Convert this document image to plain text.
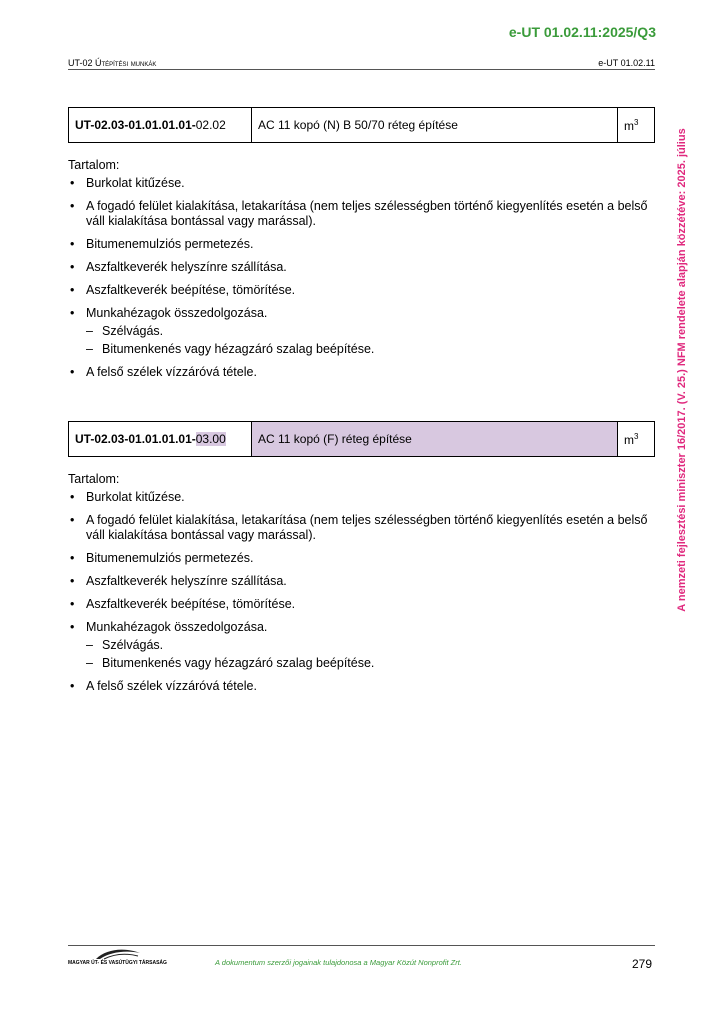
e-UT 01.02.11:2025/Q3
UT-02 Útépítési munkák	e-UT 01.02.11
A nemzeti fejlesztési miniszter 16/2017. (V. 25.) NFM rendelete alapján közzétéve: 2025. július
UT-02.03-01.01.01.01-02.02	AC 11 kopó (N) B 50/70 réteg építése	$m^3$
Tartalom:
• Burkolat kitűzése.
• A fogadó felület kialakítása, letakarítása (nem teljes szélességben történő kiegyenlítés esetén a belső váll kialakítása bontással vagy marással).
• Bitumenemulziós permetezés.
• Aszfaltkeverék helyszínre szállítása.
• Aszfaltkeverék beépítése, tömörítése.
• Munkahézagok összedolgozása.
– Szélvágás.
– Bitumenkenés vagy hézagzáró szalag beépítése.
• A felső szélek vízzáróvá tétele.
UT-02.03-01.01.01.01-03.00	AC 11 kopó (F) réteg építése	$m^3$
Tartalom:
• Burkolat kitűzése.
• A fogadó felület kialakítása, letakarítása (nem teljes szélességben történő kiegyenlítés esetén a belső váll kialakítása bontással vagy marással).
• Bitumenemulziós permetezés.
• Aszfaltkeverék helyszínre szállítása.
• Aszfaltkeverék beépítése, tömörítése.
• Munkahézagok összedolgozása.
– Szélvágás.
– Bitumenkenés vagy hézagzáró szalag beépítése.
• A felső szélek vízzáróvá tétele.
MAGYAR ÚT- ÉS VASÚTÜGYI TÁRSASÁG	A dokumentum szerzői jogainak tulajdonosa a Magyar Közút Nonprofit Zrt.	279
